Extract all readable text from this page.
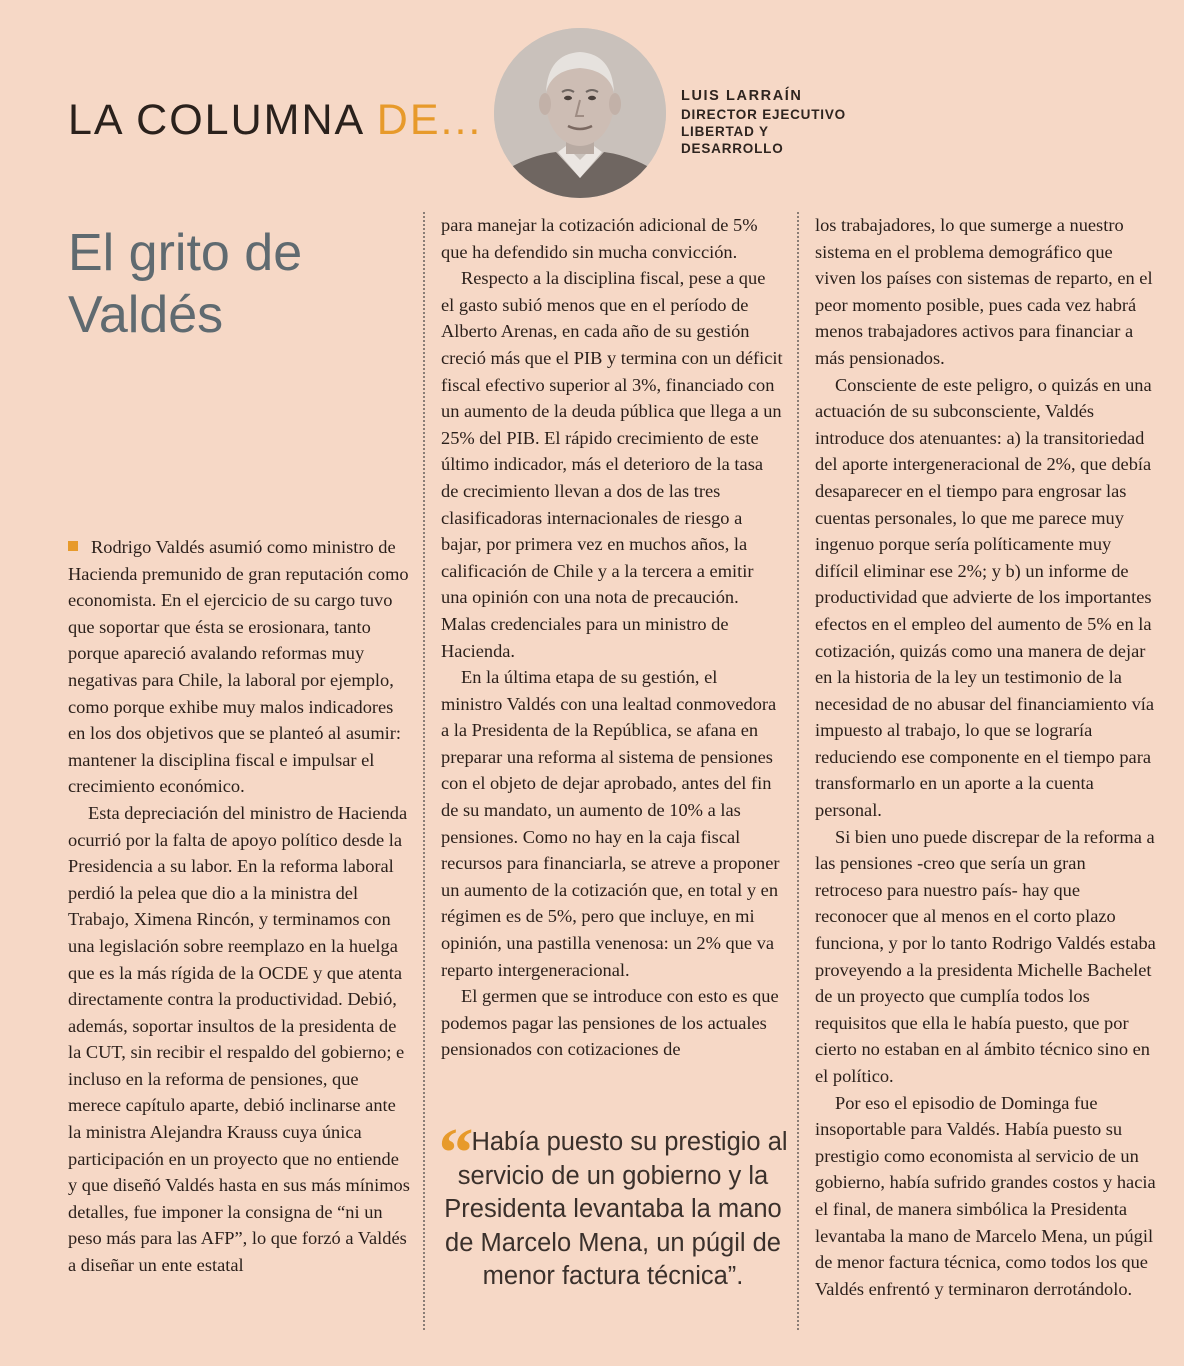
LA COLUMNA DE...	LUIS LARRAÍN
DIRECTOR EJECUTIVO
LIBERTAD Y
DESARROLLO
El grito de
Valdés

Rodrigo Valdés asumió como ministro de Hacienda premunido de gran reputación como economista. En el ejercicio de su cargo tuvo que soportar que ésta se erosionara, tanto porque apareció avalando reformas muy negativas para Chile, la laboral por ejemplo, como porque exhibe muy malos indicadores en los dos objetivos que se planteó al asumir: mantener la disciplina fiscal e impulsar el crecimiento económico.

Esta depreciación del ministro de Hacienda ocurrió por la falta de apoyo político desde la Presidencia a su labor. En la reforma laboral perdió la pelea que dio a la ministra del Trabajo, Ximena Rincón, y terminamos con una legislación sobre reemplazo en la huelga que es la más rígida de la OCDE y que atenta directamente contra la productividad. Debió, además, soportar insultos de la presidenta de la CUT, sin recibir el respaldo del gobierno; e incluso en la reforma de pensiones, que merece capítulo aparte, debió inclinarse ante la ministra Alejandra Krauss cuya única participación en un proyecto que no entiende y que diseñó Valdés hasta en sus más mínimos detalles, fue imponer la consigna de “ni un peso más para las AFP”, lo que forzó a Valdés a diseñar un ente estatal

para manejar la cotización adicional de 5% que ha defendido sin mucha convicción.

Respecto a la disciplina fiscal, pese a que el gasto subió menos que en el período de Alberto Arenas, en cada año de su gestión creció más que el PIB y termina con un déficit fiscal efectivo superior al 3%, financiado con un aumento de la deuda pública que llega a un 25% del PIB. El rápido crecimiento de este último indicador, más el deterioro de la tasa de crecimiento llevan a dos de las tres clasificadoras internacionales de riesgo a bajar, por primera vez en muchos años, la calificación de Chile y a la tercera a emitir una opinión con una nota de precaución. Malas credenciales para un ministro de Hacienda.

En la última etapa de su gestión, el ministro Valdés con una lealtad conmovedora a la Presidenta de la República, se afana en preparar una reforma al sistema de pensiones con el objeto de dejar aprobado, antes del fin de su mandato, un aumento de 10% a las pensiones. Como no hay en la caja fiscal recursos para financiarla, se atreve a proponer un aumento de la cotización que, en total y en régimen es de 5%, pero que incluye, en mi opinión, una pastilla venenosa: un 2% que va reparto intergeneracional.

El germen que se introduce con esto es que podemos pagar las pensiones de los actuales pensionados con cotizaciones de

“ Había puesto su prestigio al servicio de un gobierno y la Presidenta levantaba la mano de Marcelo Mena, un púgil de menor factura técnica”.

los trabajadores, lo que sumerge a nuestro sistema en el problema demográfico que viven los países con sistemas de reparto, en el peor momento posible, pues cada vez habrá menos trabajadores activos para financiar a más pensionados.

Consciente de este peligro, o quizás en una actuación de su subconsciente, Valdés introduce dos atenuantes: a) la transitoriedad del aporte intergeneracional de 2%, que debía desaparecer en el tiempo para engrosar las cuentas personales, lo que me parece muy ingenuo porque sería políticamente muy difícil eliminar ese 2%; y b) un informe de productividad que advierte de los importantes efectos en el empleo del aumento de 5% en la cotización, quizás como una manera de dejar en la historia de la ley un testimonio de la necesidad de no abusar del financiamiento vía impuesto al trabajo, lo que se lograría reduciendo ese componente en el tiempo para transformarlo en un aporte a la cuenta personal.

Si bien uno puede discrepar de la reforma a las pensiones -creo que sería un gran retroceso para nuestro país- hay que reconocer que al menos en el corto plazo funciona, y por lo tanto Rodrigo Valdés estaba proveyendo a la presidenta Michelle Bachelet de un proyecto que cumplía todos los requisitos que ella le había puesto, que por cierto no estaban en al ámbito técnico sino en el político.

Por eso el episodio de Dominga fue insoportable para Valdés. Había puesto su prestigio como economista al servicio de un gobierno, había sufrido grandes costos y hacia el final, de manera simbólica la Presidenta levantaba la mano de Marcelo Mena, un púgil de menor factura técnica, como todos los que Valdés enfrentó y terminaron derrotándolo.
